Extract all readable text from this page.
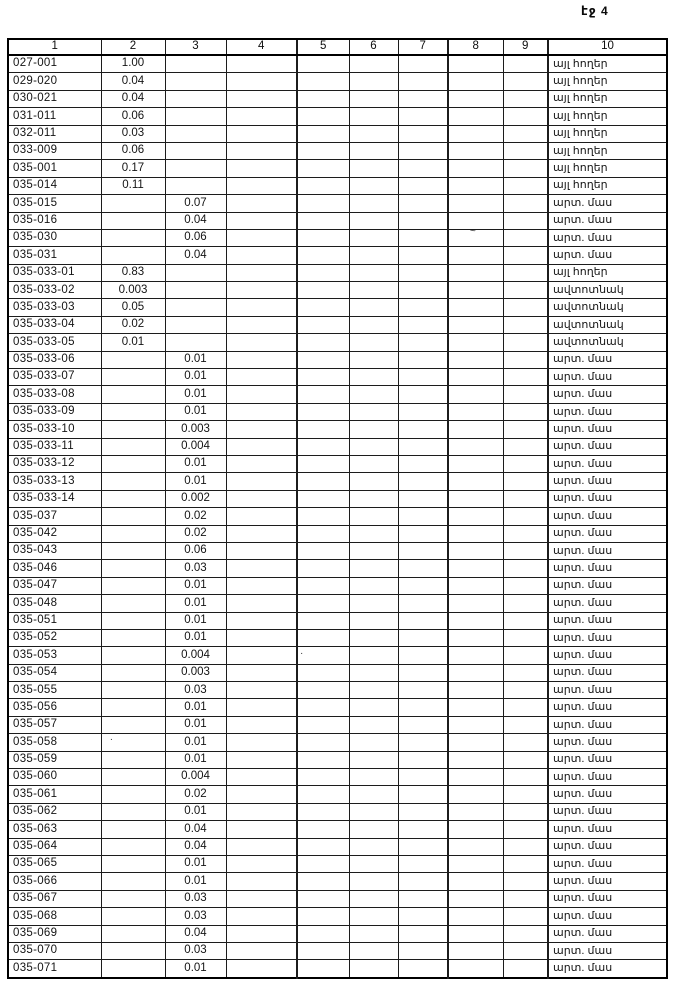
էջ 4
1	2	3	4	5	6	7	8	9	10
027-001	1.00								այլ հողեր
029-020	0.04								այլ հողեր
030-021	0.04								այլ հողեր
031-011	0.06								այլ հողեր
032-011	0.03								այլ հողեր
033-009	0.06								այլ հողեր
035-001	0.17								այլ հողեր
035-014	0.11								այլ հողեր
035-015		0.07							արտ. մաս
035-016		0.04							արտ. մաս
035-030		0.06							արտ. մաս
035-031		0.04							արտ. մաս
035-033-01	0.83								այլ հողեր
035-033-02	0.003								ավտոտնակ
035-033-03	0.05								ավտոտնակ
035-033-04	0.02								ավտոտնակ
035-033-05	0.01								ավտոտնակ
035-033-06		0.01							արտ. մաս
035-033-07		0.01							արտ. մաս
035-033-08		0.01							արտ. մաս
035-033-09		0.01							արտ. մաս
035-033-10		0.003							արտ. մաս
035-033-11		0.004							արտ. մաս
035-033-12		0.01							արտ. մաս
035-033-13		0.01							արտ. մաս
035-033-14		0.002							արտ. մաս
035-037		0.02							արտ. մաս
035-042		0.02							արտ. մաս
035-043		0.06							արտ. մաս
035-046		0.03							արտ. մաս
035-047		0.01							արտ. մաս
035-048		0.01							արտ. մաս
035-051		0.01							արտ. մաս
035-052		0.01							արտ. մաս
035-053		0.004							արտ. մաս
035-054		0.003							արտ. մաս
035-055		0.03							արտ. մաս
035-056		0.01							արտ. մաս
035-057		0.01							արտ. մաս
035-058		0.01							արտ. մաս
035-059		0.01							արտ. մաս
035-060		0.004							արտ. մաս
035-061		0.02							արտ. մաս
035-062		0.01							արտ. մաս
035-063		0.04							արտ. մաս
035-064		0.04							արտ. մաս
035-065		0.01							արտ. մաս
035-066		0.01							արտ. մաս
035-067		0.03							արտ. մաս
035-068		0.03							արտ. մաս
035-069		0.04							արտ. մաս
035-070		0.03							արտ. մաս
035-071		0.01							արտ. մաս
~
·
.
